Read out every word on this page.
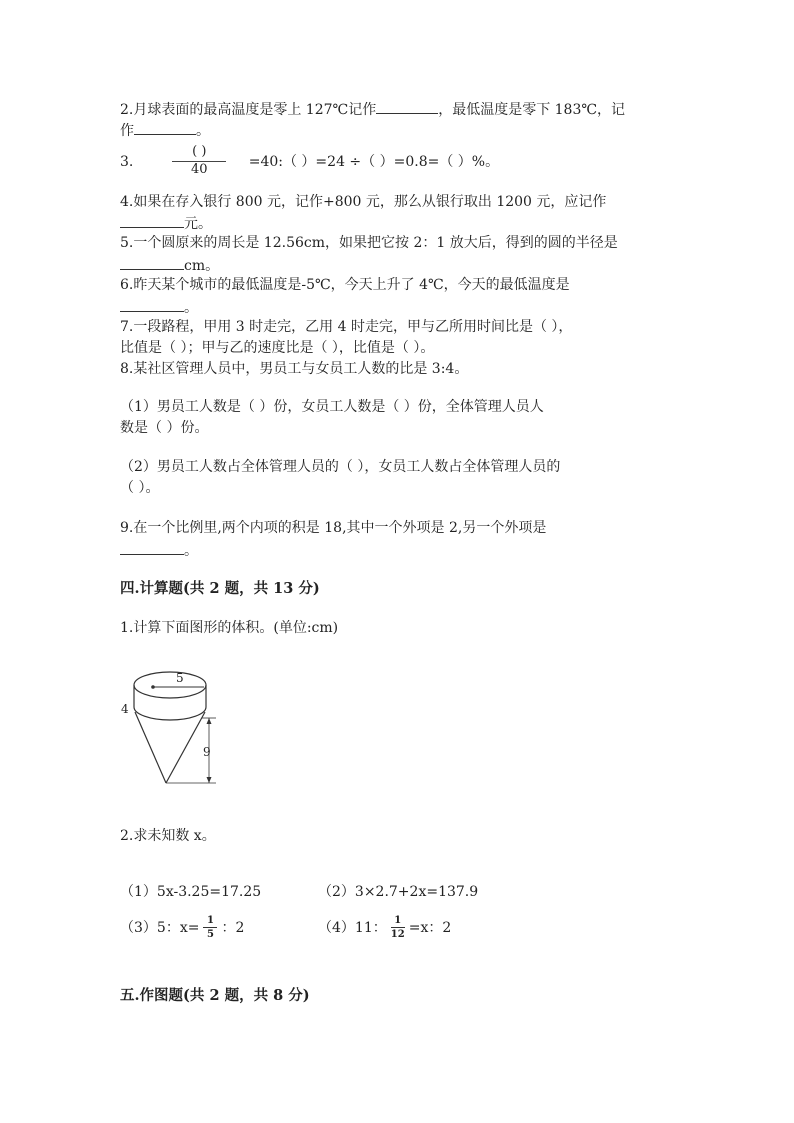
2.月球表面的最高温度是零上 127℃记作	，最低温度是零下 183℃，记
作	。
3.	$\frac{( )}{40}$ =40:（ ）=24 ÷（ ）=0.8=（ ）%。
4.如果在存入银行 800 元，记作+800 元，那么从银行取出 1200 元，应记作
元。
5.一个圆原来的周长是 12.56cm，如果把它按 2：1 放大后，得到的圆的半径是
cm。
6.昨天某个城市的最低温度是-5℃，今天上升了 4℃，今天的最低温度是
。
7.一段路程，甲用 3 时走完，乙用 4 时走完，甲与乙所用时间比是（ ），
比值是（ ）；甲与乙的速度比是（ ），比值是（ ）。
8.某社区管理人员中，男员工与女员工人数的比是 3:4。
（1）男员工人数是（ ）份，女员工人数是（ ）份，全体管理人员人
数是（ ）份。
（2）男员工人数占全体管理人员的（ ），女员工人数占全体管理人员的
（ ）。
9.在一个比例里,两个内项的积是 18,其中一个外项是 2,另一个外项是
。
四.计算题(共 2 题，共 13 分)
1.计算下面图形的体积。(单位:cm)
5
4
9
2.求未知数 x。
（1）5x-3.25=17.25	（2）3×2.7+2x=137.9
（3）5：$x= \frac{1}{5}$ ：2	（4）11： $\frac{1}{12} =x$：2
五.作图题(共 2 题，共 8 分)
